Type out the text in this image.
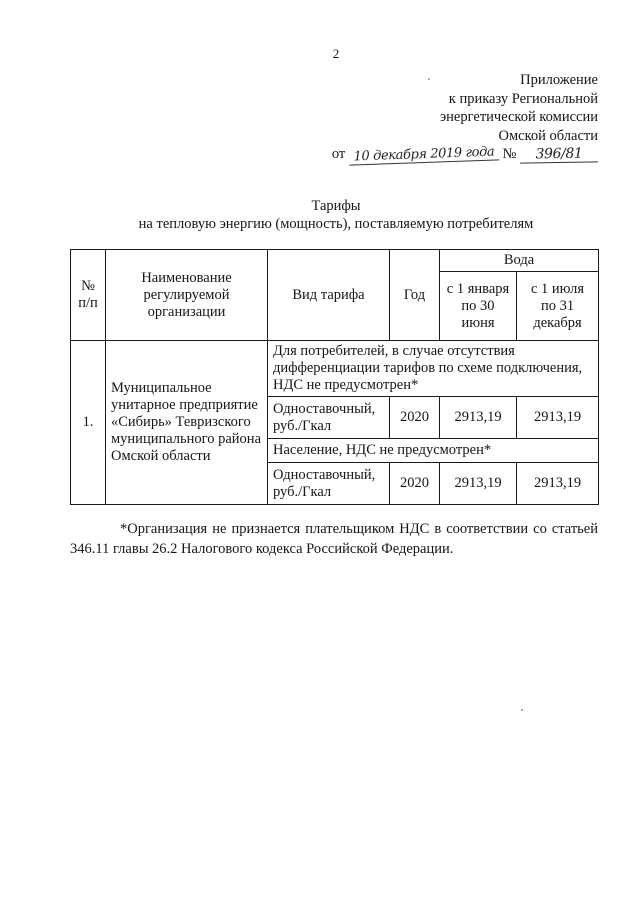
2
Приложение
к приказу Региональной
энергетической комиссии
Омской области
от 10 декабря 2019 года № 396/81
Тарифы
на тепловую энергию (мощность), поставляемую потребителям
№ п/п	Наименование регулируемой организации	Вид тарифа	Год	Вода	
				с 1 января по 30 июня	с 1 июля по 31 декабря
1.	Муниципальное унитарное предприятие «Сибирь» Тевризского муниципального района Омской области	Для потребителей, в случае отсутствия дифференциации тарифов по схеме подключения, НДС не предусмотрен*			
		Одноставочный, руб./Гкал	2020	2913,19	2913,19
		Население, НДС не предусмотрен*			
		Одноставочный, руб./Гкал	2020	2913,19	2913,19
*Организация не признается плательщиком НДС в соответствии со статьей 346.11 главы 26.2 Налогового кодекса Российской Федерации.
